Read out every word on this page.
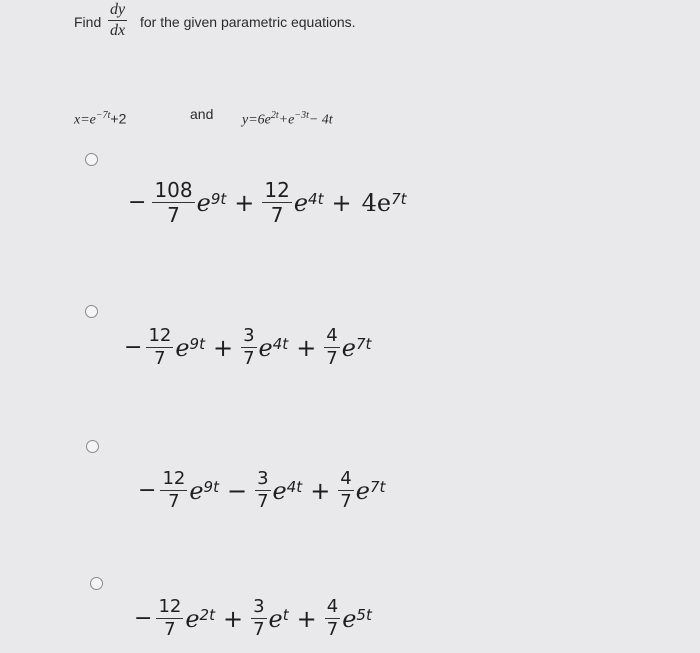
Find $\frac{dy}{dx}$ for the given parametric equations.
$x=e^{-7t}+2$	and $y=6e^{2t}+e^{-3t}- 4t$
− $\frac{108}{7} e^{9t} + \frac{12}{7} e^{4t} + 4e^{7t}$
− $\frac{12}{7} e^{9t} + \frac{3}{7} e^{4t} + \frac{4}{7} e^{7t}$
− $\frac{12}{7} e^{9t} - \frac{3}{7} e^{4t} + \frac{4}{7} e^{7t}$
− $\frac{12}{7} e^{2t} + \frac{3}{7} e^t + \frac{4}{7} e^{5t}$
